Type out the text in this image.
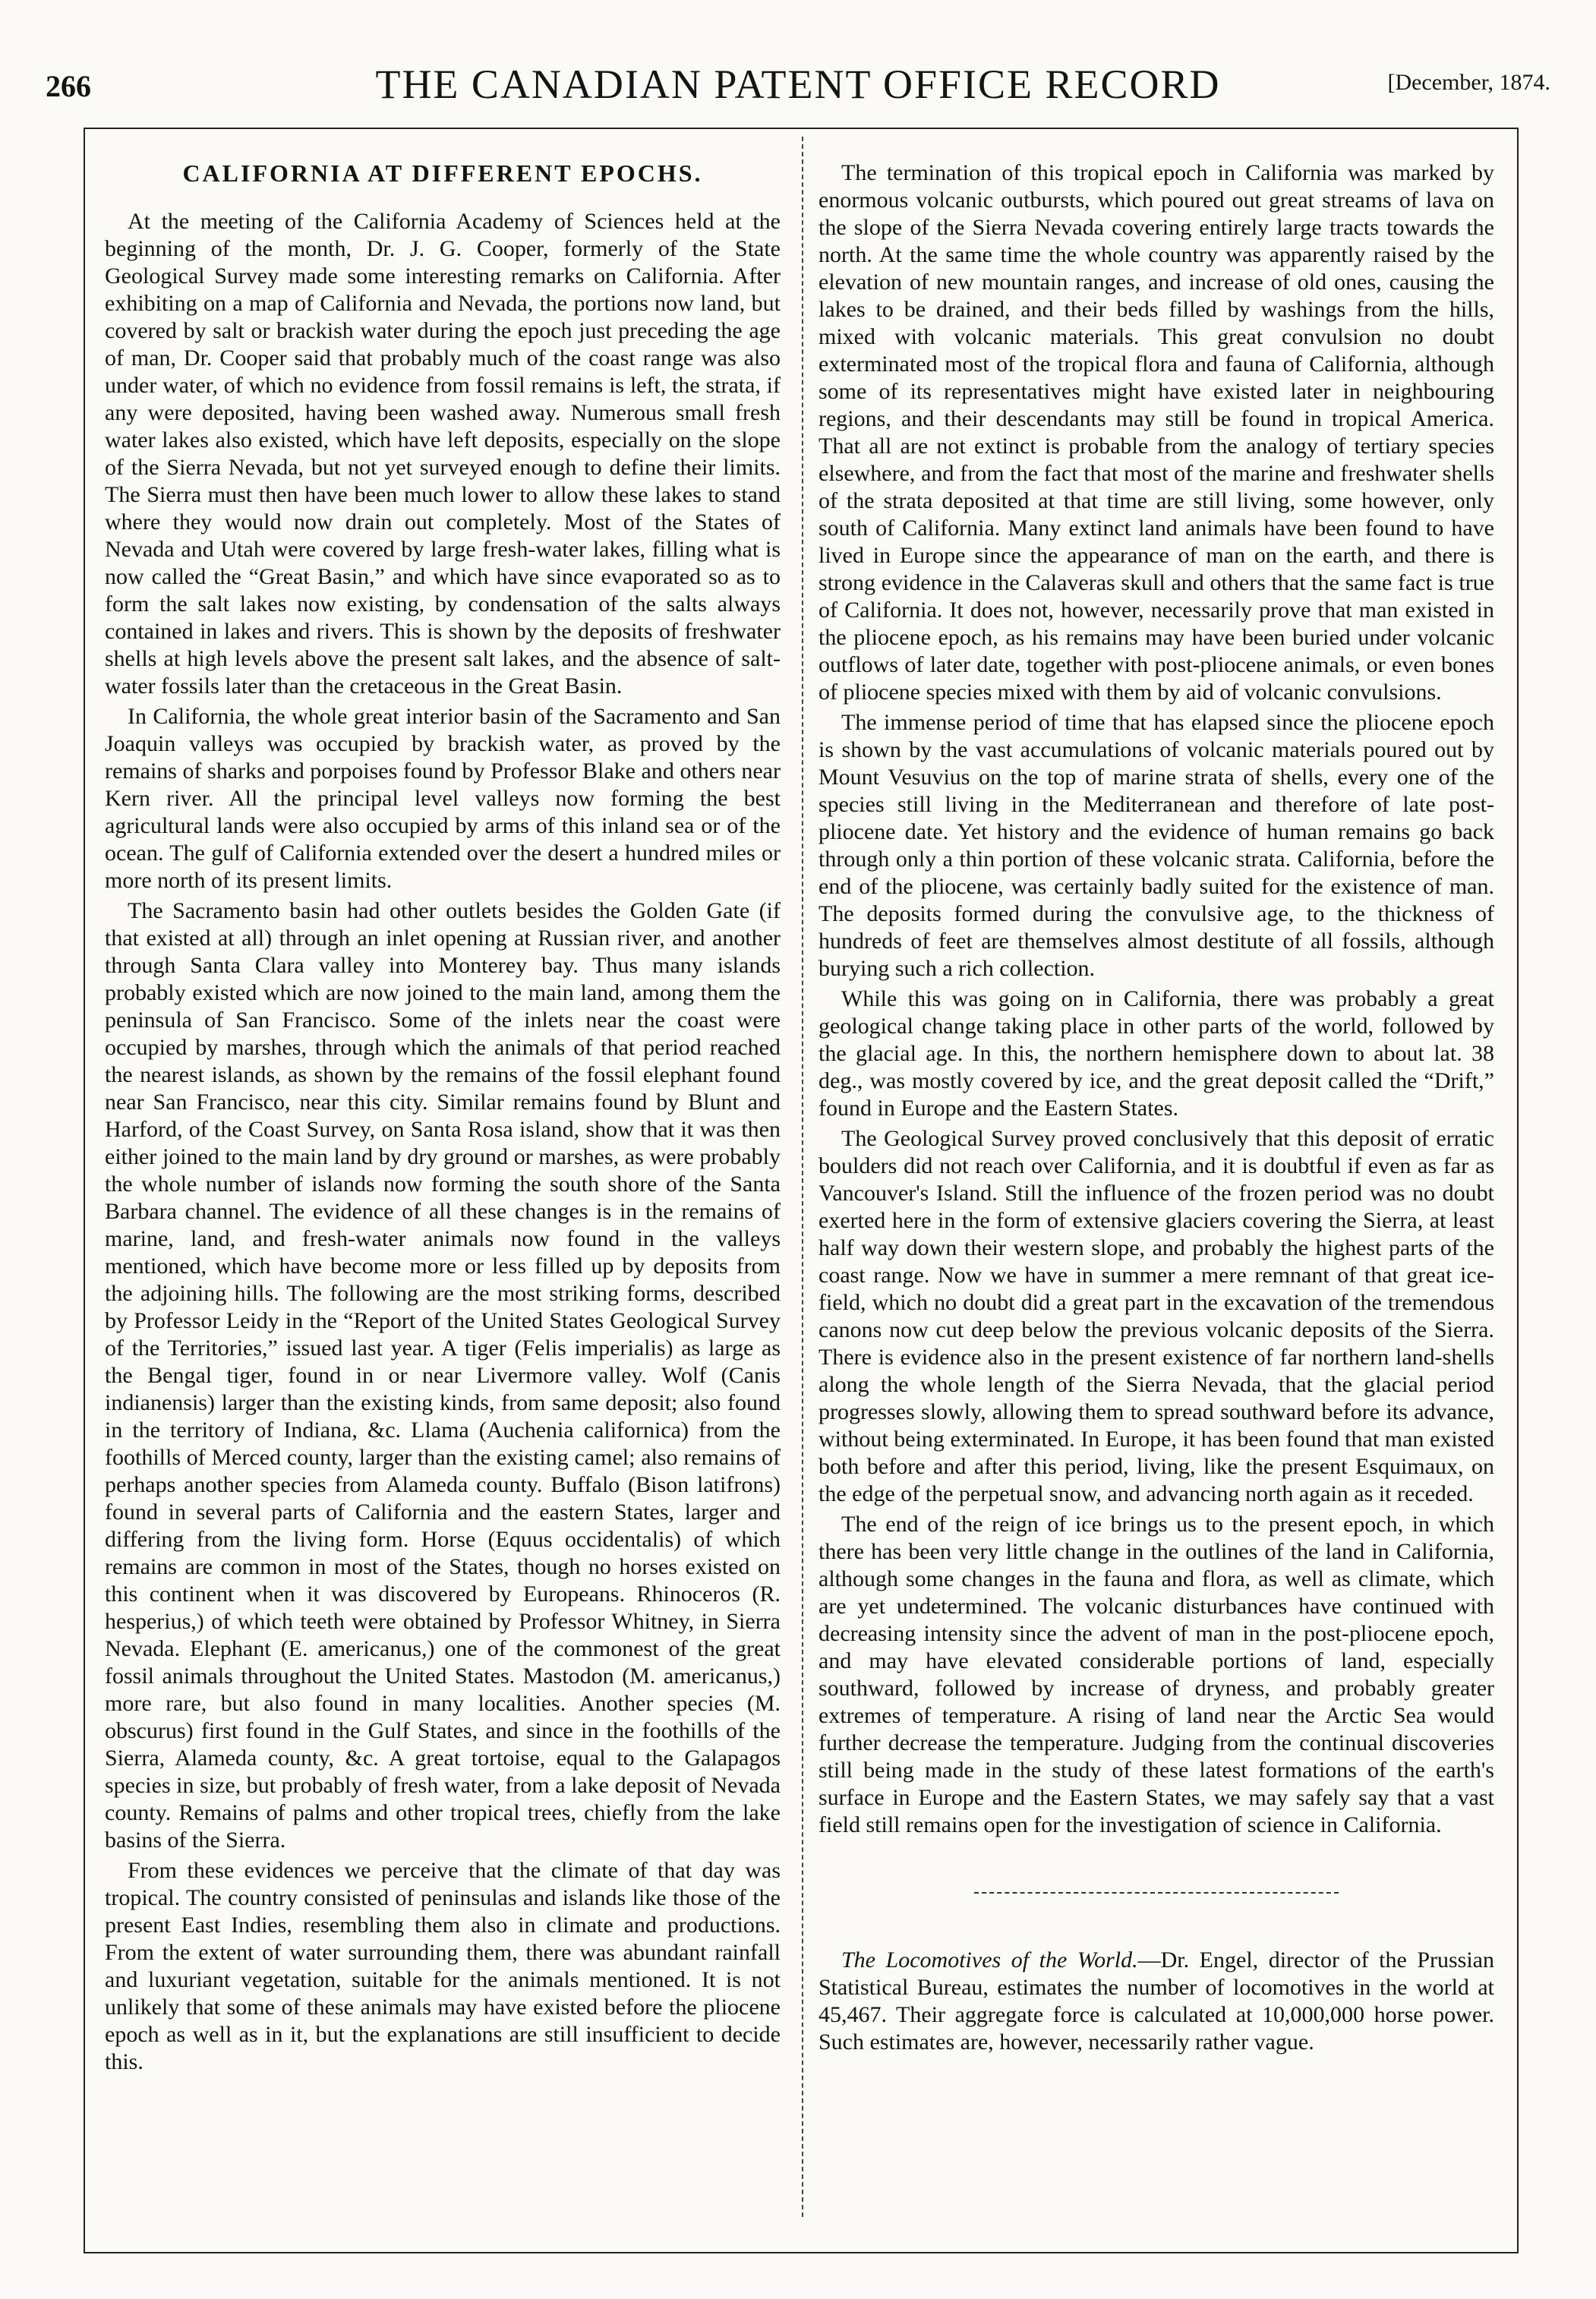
266	THE CANADIAN PATENT OFFICE RECORD	[December, 1874.
CALIFORNIA AT DIFFERENT EPOCHS.

At the meeting of the California Academy of Sciences held at the beginning of the month, Dr. J. G. Cooper, formerly of the State Geological Survey made some interesting remarks on California. After exhibiting on a map of California and Nevada, the portions now land, but covered by salt or brackish water during the epoch just preceding the age of man, Dr. Cooper said that probably much of the coast range was also under water, of which no evidence from fossil remains is left, the strata, if any were deposited, having been washed away. Numerous small fresh water lakes also existed, which have left deposits, especially on the slope of the Sierra Nevada, but not yet surveyed enough to define their limits. The Sierra must then have been much lower to allow these lakes to stand where they would now drain out completely. Most of the States of Nevada and Utah were covered by large fresh-water lakes, filling what is now called the “Great Basin,” and which have since evaporated so as to form the salt lakes now existing, by condensation of the salts always contained in lakes and rivers. This is shown by the deposits of freshwater shells at high levels above the present salt lakes, and the absence of salt-water fossils later than the cretaceous in the Great Basin.

In California, the whole great interior basin of the Sacramento and San Joaquin valleys was occupied by brackish water, as proved by the remains of sharks and porpoises found by Professor Blake and others near Kern river. All the principal level valleys now forming the best agricultural lands were also occupied by arms of this inland sea or of the ocean. The gulf of California extended over the desert a hundred miles or more north of its present limits.

The Sacramento basin had other outlets besides the Golden Gate (if that existed at all) through an inlet opening at Russian river, and another through Santa Clara valley into Monterey bay. Thus many islands probably existed which are now joined to the main land, among them the peninsula of San Francisco. Some of the inlets near the coast were occupied by marshes, through which the animals of that period reached the nearest islands, as shown by the remains of the fossil elephant found near San Francisco, near this city. Similar remains found by Blunt and Harford, of the Coast Survey, on Santa Rosa island, show that it was then either joined to the main land by dry ground or marshes, as were probably the whole number of islands now forming the south shore of the Santa Barbara channel. The evidence of all these changes is in the remains of marine, land, and fresh-water animals now found in the valleys mentioned, which have become more or less filled up by deposits from the adjoining hills. The following are the most striking forms, described by Professor Leidy in the “Report of the United States Geological Survey of the Territories,” issued last year. A tiger (Felis imperialis) as large as the Bengal tiger, found in or near Livermore valley. Wolf (Canis indianensis) larger than the existing kinds, from same deposit; also found in the territory of Indiana, &c. Llama (Auchenia californica) from the foothills of Merced county, larger than the existing camel; also remains of perhaps another species from Alameda county. Buffalo (Bison latifrons) found in several parts of California and the eastern States, larger and differing from the living form. Horse (Equus occidentalis) of which remains are common in most of the States, though no horses existed on this continent when it was discovered by Europeans. Rhinoceros (R. hesperius,) of which teeth were obtained by Professor Whitney, in Sierra Nevada. Elephant (E. americanus,) one of the commonest of the great fossil animals throughout the United States. Mastodon (M. americanus,) more rare, but also found in many localities. Another species (M. obscurus) first found in the Gulf States, and since in the foothills of the Sierra, Alameda county, &c. A great tortoise, equal to the Galapagos species in size, but probably of fresh water, from a lake deposit of Nevada county. Remains of palms and other tropical trees, chiefly from the lake basins of the Sierra.

From these evidences we perceive that the climate of that day was tropical. The country consisted of peninsulas and islands like those of the present East Indies, resembling them also in climate and productions. From the extent of water surrounding them, there was abundant rainfall and luxuriant vegetation, suitable for the animals mentioned. It is not unlikely that some of these animals may have existed before the pliocene epoch as well as in it, but the explanations are still insufficient to decide this.

The termination of this tropical epoch in California was marked by enormous volcanic outbursts, which poured out great streams of lava on the slope of the Sierra Nevada covering entirely large tracts towards the north. At the same time the whole country was apparently raised by the elevation of new mountain ranges, and increase of old ones, causing the lakes to be drained, and their beds filled by washings from the hills, mixed with volcanic materials. This great convulsion no doubt exterminated most of the tropical flora and fauna of California, although some of its representatives might have existed later in neighbouring regions, and their descendants may still be found in tropical America. That all are not extinct is probable from the analogy of tertiary species elsewhere, and from the fact that most of the marine and freshwater shells of the strata deposited at that time are still living, some however, only south of California. Many extinct land animals have been found to have lived in Europe since the appearance of man on the earth, and there is strong evidence in the Calaveras skull and others that the same fact is true of California. It does not, however, necessarily prove that man existed in the pliocene epoch, as his remains may have been buried under volcanic outflows of later date, together with post-pliocene animals, or even bones of pliocene species mixed with them by aid of volcanic convulsions.

The immense period of time that has elapsed since the pliocene epoch is shown by the vast accumulations of volcanic materials poured out by Mount Vesuvius on the top of marine strata of shells, every one of the species still living in the Mediterranean and therefore of late post-pliocene date. Yet history and the evidence of human remains go back through only a thin portion of these volcanic strata. California, before the end of the pliocene, was certainly badly suited for the existence of man. The deposits formed during the convulsive age, to the thickness of hundreds of feet are themselves almost destitute of all fossils, although burying such a rich collection.

While this was going on in California, there was probably a great geological change taking place in other parts of the world, followed by the glacial age. In this, the northern hemisphere down to about lat. 38 deg., was mostly covered by ice, and the great deposit called the “Drift,” found in Europe and the Eastern States.

The Geological Survey proved conclusively that this deposit of erratic boulders did not reach over California, and it is doubtful if even as far as Vancouver's Island. Still the influence of the frozen period was no doubt exerted here in the form of extensive glaciers covering the Sierra, at least half way down their western slope, and probably the highest parts of the coast range. Now we have in summer a mere remnant of that great ice-field, which no doubt did a great part in the excavation of the tremendous canons now cut deep below the previous volcanic deposits of the Sierra. There is evidence also in the present existence of far northern land-shells along the whole length of the Sierra Nevada, that the glacial period progresses slowly, allowing them to spread southward before its advance, without being exterminated. In Europe, it has been found that man existed both before and after this period, living, like the present Esquimaux, on the edge of the perpetual snow, and advancing north again as it receded.

The end of the reign of ice brings us to the present epoch, in which there has been very little change in the outlines of the land in California, although some changes in the fauna and flora, as well as climate, which are yet undetermined. The volcanic disturbances have continued with decreasing intensity since the advent of man in the post-pliocene epoch, and may have elevated considerable portions of land, especially southward, followed by increase of dryness, and probably greater extremes of temperature. A rising of land near the Arctic Sea would further decrease the temperature. Judging from the continual discoveries still being made in the study of these latest formations of the earth's surface in Europe and the Eastern States, we may safely say that a vast field still remains open for the investigation of science in California.

The Locomotives of the World.—Dr. Engel, director of the Prussian Statistical Bureau, estimates the number of locomotives in the world at 45,467. Their aggregate force is calculated at 10,000,000 horse power. Such estimates are, however, necessarily rather vague.
